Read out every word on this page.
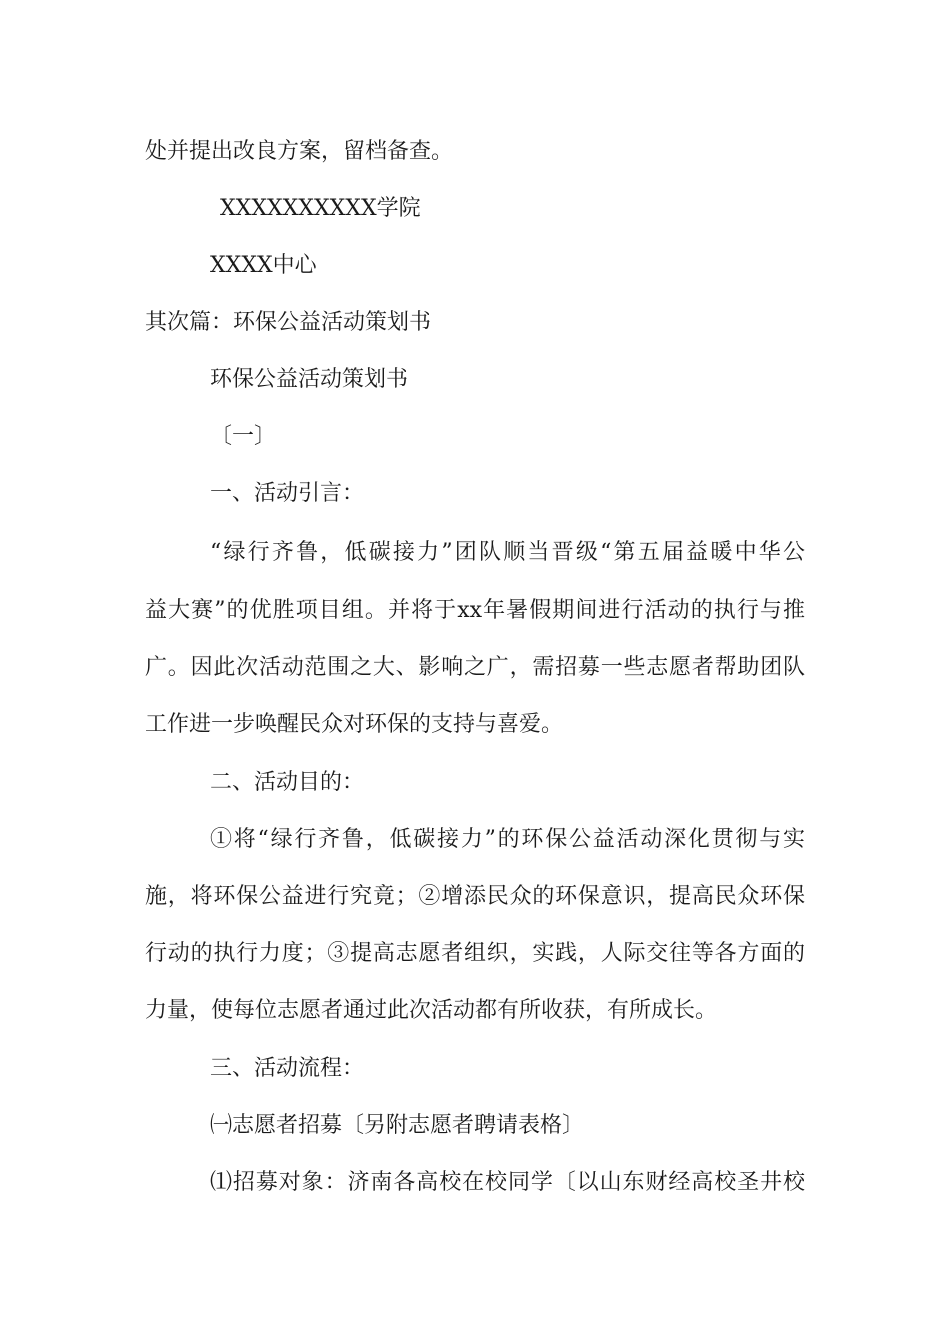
处并提出改良方案，留档备查。

XXXXXXXXXX学院

XXXX中心

其次篇：环保公益活动策划书

环保公益活动策划书

〔一〕

一、活动引言：

“绿行齐鲁，低碳接力”团队顺当晋级“第五届益暖中华公

益大赛”的优胜项目组。并将于xx年暑假期间进行活动的执行与推

广。因此次活动范围之大、影响之广，需招募一些志愿者帮助团队

工作进一步唤醒民众对环保的支持与喜爱。

二、活动目的：

①将“绿行齐鲁，低碳接力”的环保公益活动深化贯彻与实

施，将环保公益进行究竟；②增添民众的环保意识，提高民众环保

行动的执行力度；③提高志愿者组织，实践，人际交往等各方面的

力量，使每位志愿者通过此次活动都有所收获，有所成长。

三、活动流程：

㈠志愿者招募〔另附志愿者聘请表格〕

⑴招募对象：济南各高校在校同学〔以山东财经高校圣井校
